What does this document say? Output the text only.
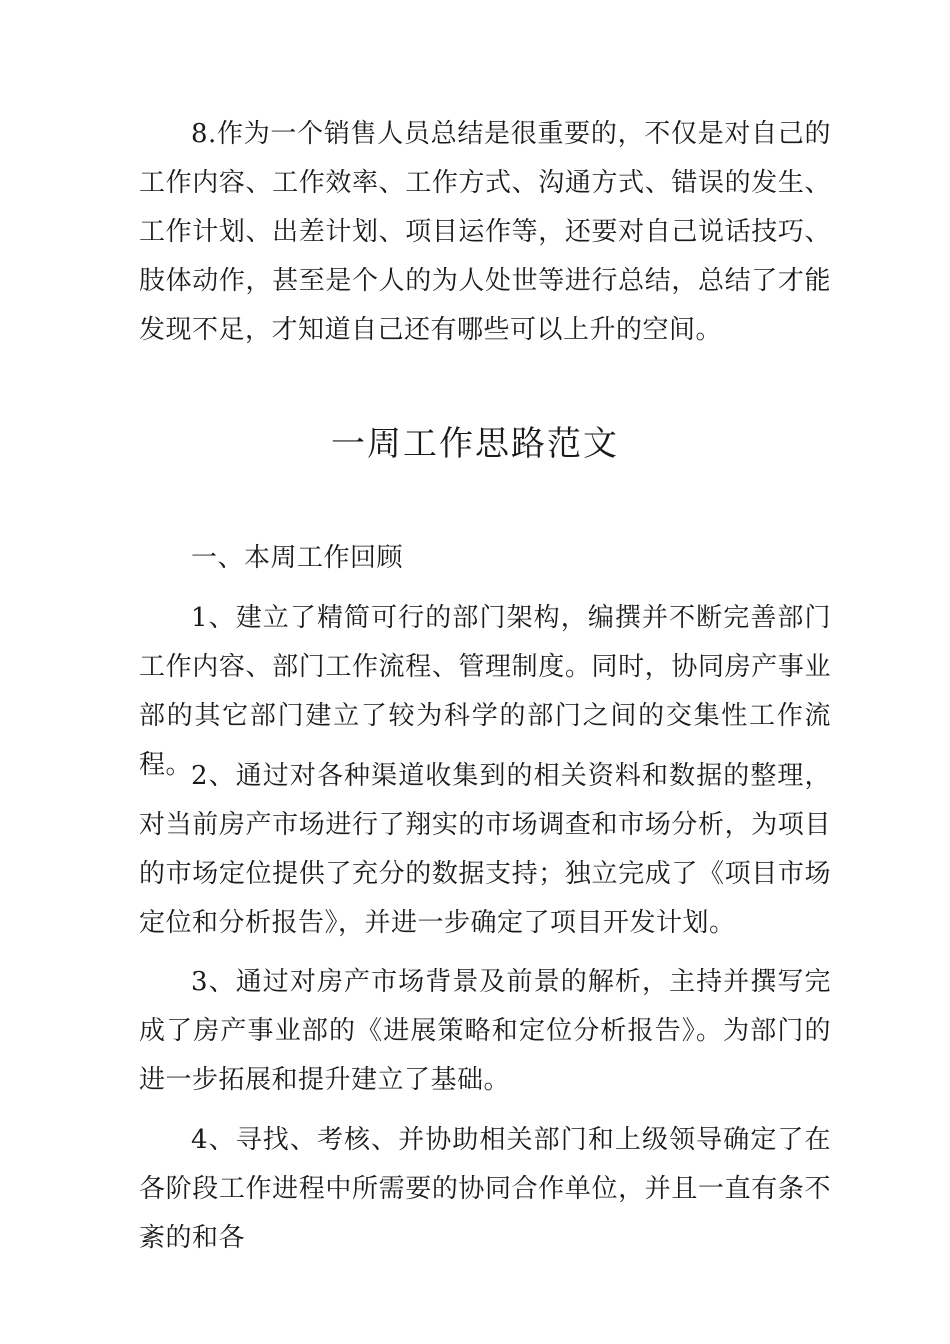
8.作为一个销售人员总结是很重要的，不仅是对自己的工作内容、工作效率、工作方式、沟通方式、错误的发生、工作计划、出差计划、项目运作等，还要对自己说话技巧、肢体动作，甚至是个人的为人处世等进行总结，总结了才能发现不足，才知道自己还有哪些可以上升的空间。

一周工作思路范文

一、本周工作回顾

1、建立了精简可行的部门架构，编撰并不断完善部门工作内容、部门工作流程、管理制度。同时，协同房产事业部的其它部门建立了较为科学的部门之间的交集性工作流程。

2、通过对各种渠道收集到的相关资料和数据的整理，对当前房产市场进行了翔实的市场调查和市场分析，为项目的市场定位提供了充分的数据支持；独立完成了《项目市场定位和分析报告》，并进一步确定了项目开发计划。

3、通过对房产市场背景及前景的解析，主持并撰写完成了房产事业部的《进展策略和定位分析报告》。为部门的进一步拓展和提升建立了基础。

4、寻找、考核、并协助相关部门和上级领导确定了在各阶段工作进程中所需要的协同合作单位，并且一直有条不紊的和各
